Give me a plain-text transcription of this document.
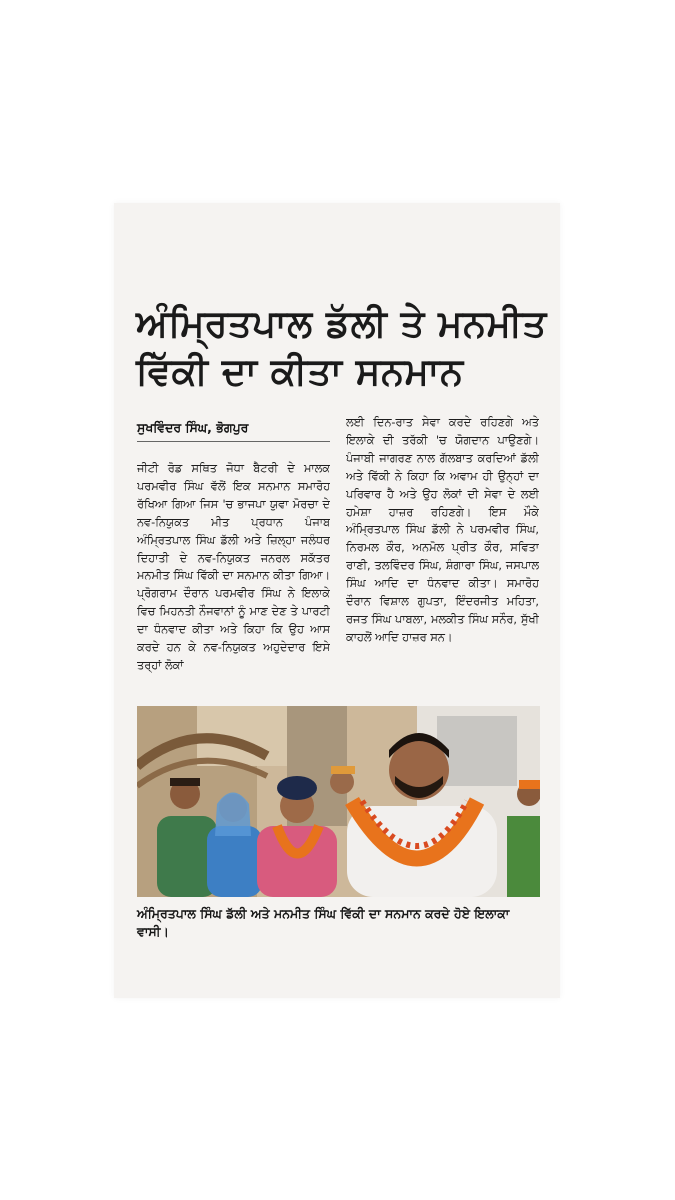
ਅੰਮ੍ਰਿਤਪਾਲ ਡੱਲੀ ਤੇ ਮਨਮੀਤ
ਵਿੱਕੀ ਦਾ ਕੀਤਾ ਸਨਮਾਨ
ਸੁਖਵਿੰਦਰ ਸਿੰਘ, ਭੋਗਪੁਰ
ਜੀਟੀ ਰੋਡ ਸਥਿਤ ਜੋਧਾ ਬੈਟਰੀ ਦੇ ਮਾਲਕ ਪਰਮਵੀਰ ਸਿੰਘ ਵੱਲੋਂ ਇਕ ਸਨਮਾਨ ਸਮਾਰੋਹ ਰੱਖਿਆ ਗਿਆ ਜਿਸ 'ਚ ਭਾਜਪਾ ਯੁਵਾ ਮੋਰਚਾ ਦੇ ਨਵ-ਨਿਯੁਕਤ ਮੀਤ ਪ੍ਰਧਾਨ ਪੰਜਾਬ ਅੰਮ੍ਰਿਤਪਾਲ ਸਿੰਘ ਡੱਲੀ ਅਤੇ ਜ਼ਿਲ੍ਹਾ ਜਲੰਧਰ ਦਿਹਾਤੀ ਦੇ ਨਵ-ਨਿਯੁਕਤ ਜਨਰਲ ਸਕੱਤਰ ਮਨਮੀਤ ਸਿੰਘ ਵਿੱਕੀ ਦਾ ਸਨਮਾਨ ਕੀਤਾ ਗਿਆ। ਪ੍ਰੋਗਰਾਮ ਦੌਰਾਨ ਪਰਮਵੀਰ ਸਿੰਘ ਨੇ ਇਲਾਕੇ ਵਿਚ ਮਿਹਨਤੀ ਨੌਜਵਾਨਾਂ ਨੂੰ ਮਾਣ ਦੇਣ ਤੇ ਪਾਰਟੀ ਦਾ ਧੰਨਵਾਦ ਕੀਤਾ ਅਤੇ ਕਿਹਾ ਕਿ ਉਹ ਆਸ ਕਰਦੇ ਹਨ ਕੇ ਨਵ-ਨਿਯੁਕਤ ਅਹੁਦੇਦਾਰ ਇਸੇ ਤਰ੍ਹਾਂ ਲੋਕਾਂ
ਲਈ ਦਿਨ-ਰਾਤ ਸੇਵਾ ਕਰਦੇ ਰਹਿਣਗੇ ਅਤੇ ਇਲਾਕੇ ਦੀ ਤਰੱਕੀ 'ਚ ਯੋਗਦਾਨ ਪਾਉਣਗੇ। ਪੰਜਾਬੀ ਜਾਗਰਣ ਨਾਲ ਗੱਲਬਾਤ ਕਰਦਿਆਂ ਡੱਲੀ ਅਤੇ ਵਿੱਕੀ ਨੇ ਕਿਹਾ ਕਿ ਅਵਾਮ ਹੀ ਉਨ੍ਹਾਂ ਦਾ ਪਰਿਵਾਰ ਹੈ ਅਤੇ ਉਹ ਲੋਕਾਂ ਦੀ ਸੇਵਾ ਦੇ ਲਈ ਹਮੇਸ਼ਾ ਹਾਜ਼ਰ ਰਹਿਣਗੇ। ਇਸ ਮੌਕੇ ਅੰਮ੍ਰਿਤਪਾਲ ਸਿੰਘ ਡੱਲੀ ਨੇ ਪਰਮਵੀਰ ਸਿੰਘ, ਨਿਰਮਲ ਕੌਰ, ਅਨਮੋਲ ਪ੍ਰੀਤ ਕੌਰ, ਸਵਿਤਾ ਰਾਣੀ, ਤਲਵਿੰਦਰ ਸਿੰਘ, ਸ਼ੰਗਾਰਾ ਸਿੰਘ, ਜਸਪਾਲ ਸਿੰਘ ਆਦਿ ਦਾ ਧੰਨਵਾਦ ਕੀਤਾ। ਸਮਾਰੋਹ ਦੌਰਾਨ ਵਿਸ਼ਾਲ ਗੁਪਤਾ, ਇੰਦਰਜੀਤ ਮਹਿਤਾ, ਰਜਤ ਸਿੰਘ ਪਾਬਲਾ, ਮਲਕੀਤ ਸਿੰਘ ਸਨੌਰ, ਸੁੱਖੀ ਕਾਹਲੋਂ ਆਦਿ ਹਾਜ਼ਰ ਸਨ।
ਅੰਮ੍ਰਿਤਪਾਲ ਸਿੰਘ ਡੱਲੀ ਅਤੇ ਮਨਮੀਤ ਸਿੰਘ ਵਿੱਕੀ ਦਾ ਸਨਮਾਨ ਕਰਦੇ ਹੋਏ ਇਲਾਕਾ ਵਾਸੀ।
